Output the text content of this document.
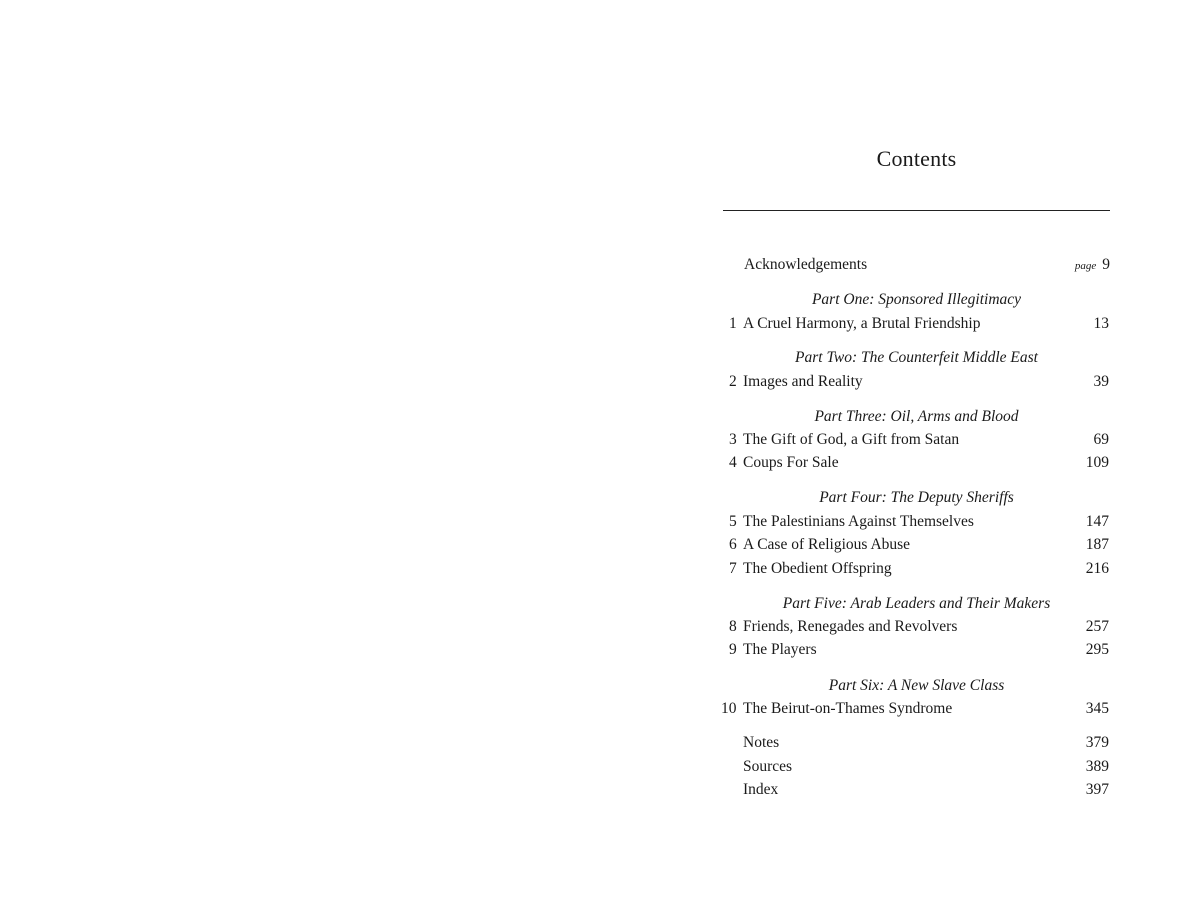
Contents
Acknowledgements	page 9
Part One: Sponsored Illegitimacy
1 A Cruel Harmony, a Brutal Friendship	13
Part Two: The Counterfeit Middle East
2 Images and Reality	39
Part Three: Oil, Arms and Blood
3 The Gift of God, a Gift from Satan	69
4 Coups For Sale	109
Part Four: The Deputy Sheriffs
5 The Palestinians Against Themselves	147
6 A Case of Religious Abuse	187
7 The Obedient Offspring	216
Part Five: Arab Leaders and Their Makers
8 Friends, Renegades and Revolvers	257
9 The Players	295
Part Six: A New Slave Class
10 The Beirut-on-Thames Syndrome	345
Notes	379
Sources	389
Index	397
